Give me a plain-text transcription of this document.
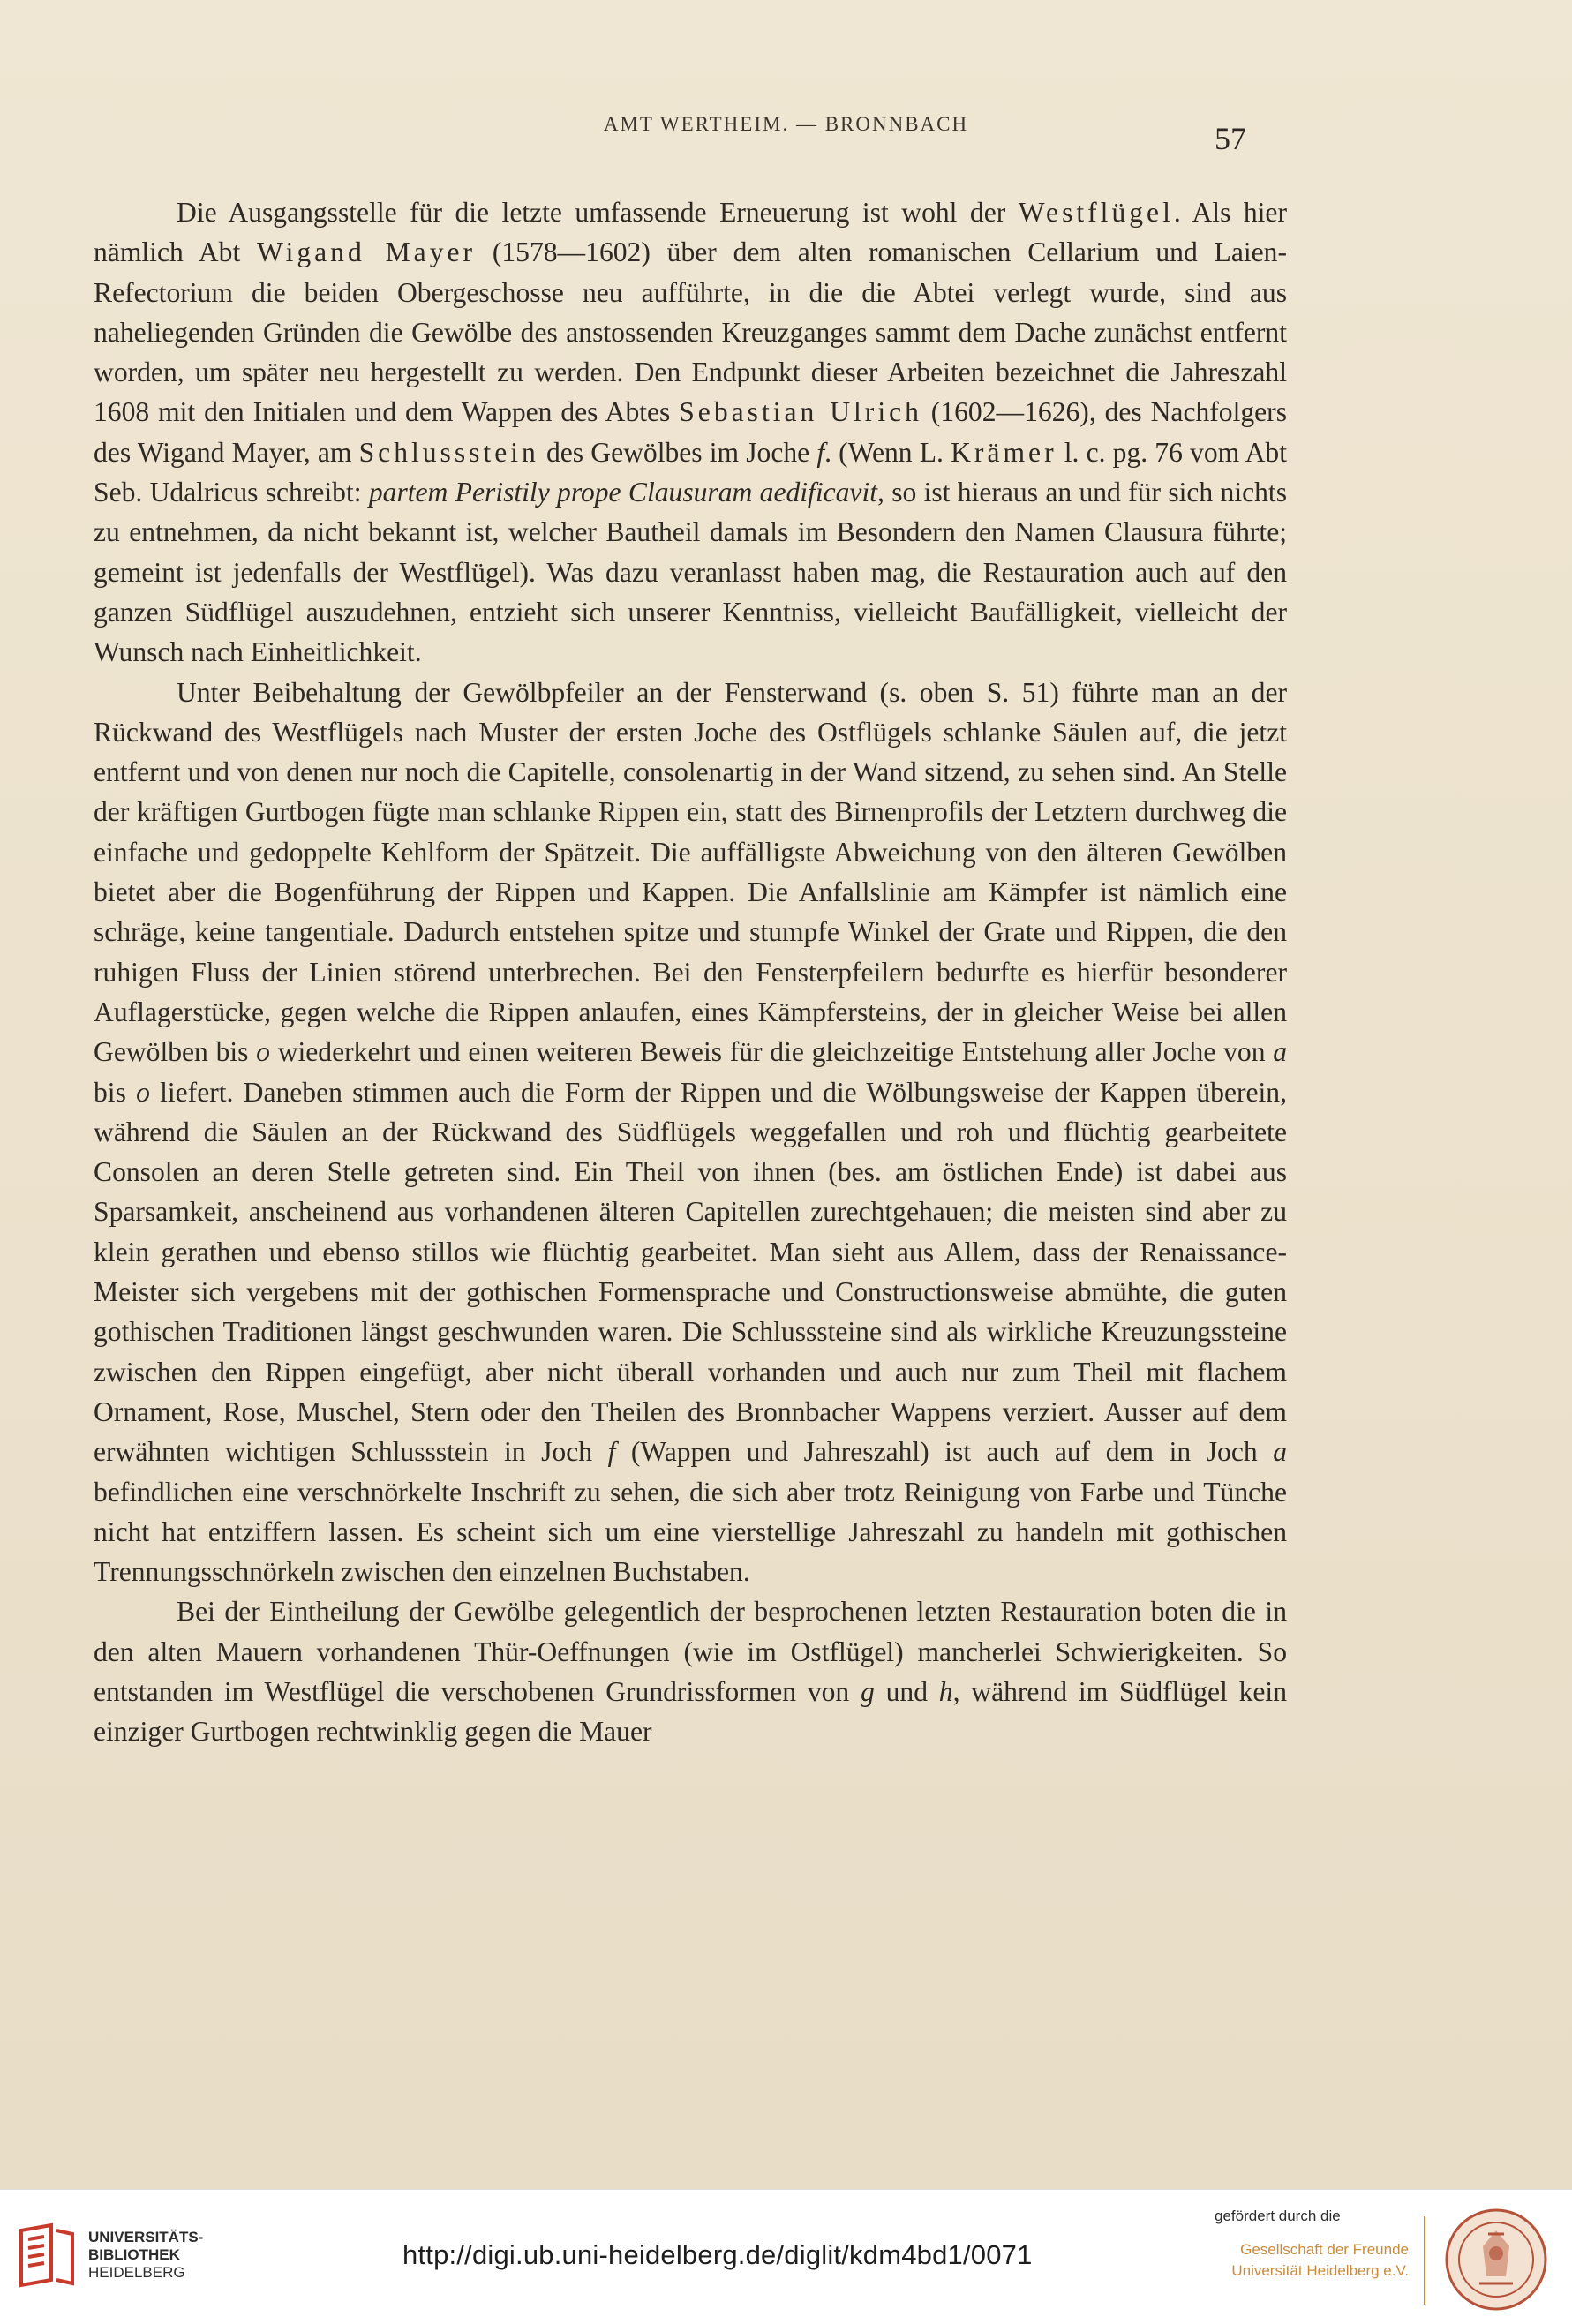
AMT WERTHEIM. — BRONNBACH	57

Die Ausgangsstelle für die letzte umfassende Erneuerung ist wohl der Westflügel. Als hier nämlich Abt Wigand Mayer (1578—1602) über dem alten romanischen Cellarium und Laien-Refectorium die beiden Obergeschosse neu aufführte, in die die Abtei verlegt wurde, sind aus naheliegenden Gründen die Gewölbe des anstossenden Kreuzganges sammt dem Dache zunächst entfernt worden, um später neu hergestellt zu werden. Den Endpunkt dieser Arbeiten bezeichnet die Jahreszahl 1608 mit den Initialen und dem Wappen des Abtes Sebastian Ulrich (1602—1626), des Nachfolgers des Wigand Mayer, am Schlussstein des Gewölbes im Joche f. (Wenn L. Krämer l. c. pg. 76 vom Abt Seb. Udalricus schreibt: partem Peristily prope Clausuram aedificavit, so ist hieraus an und für sich nichts zu entnehmen, da nicht bekannt ist, welcher Bautheil damals im Besondern den Namen Clausura führte; gemeint ist jedenfalls der Westflügel). Was dazu veranlasst haben mag, die Restauration auch auf den ganzen Südflügel auszudehnen, entzieht sich unserer Kenntniss, vielleicht Baufälligkeit, vielleicht der Wunsch nach Einheitlichkeit.

Unter Beibehaltung der Gewölbpfeiler an der Fensterwand (s. oben S. 51) führte man an der Rückwand des Westflügels nach Muster der ersten Joche des Ostflügels schlanke Säulen auf, die jetzt entfernt und von denen nur noch die Capitelle, consolenartig in der Wand sitzend, zu sehen sind. An Stelle der kräftigen Gurtbogen fügte man schlanke Rippen ein, statt des Birnenprofils der Letztern durchweg die einfache und gedoppelte Kehlform der Spätzeit. Die auffälligste Abweichung von den älteren Gewölben bietet aber die Bogenführung der Rippen und Kappen. Die Anfallslinie am Kämpfer ist nämlich eine schräge, keine tangentiale. Dadurch entstehen spitze und stumpfe Winkel der Grate und Rippen, die den ruhigen Fluss der Linien störend unterbrechen. Bei den Fensterpfeilern bedurfte es hierfür besonderer Auflagerstücke, gegen welche die Rippen anlaufen, eines Kämpfersteins, der in gleicher Weise bei allen Gewölben bis o wiederkehrt und einen weiteren Beweis für die gleichzeitige Entstehung aller Joche von a bis o liefert. Daneben stimmen auch die Form der Rippen und die Wölbungsweise der Kappen überein, während die Säulen an der Rückwand des Südflügels weggefallen und roh und flüchtig gearbeitete Consolen an deren Stelle getreten sind. Ein Theil von ihnen (bes. am östlichen Ende) ist dabei aus Sparsamkeit, anscheinend aus vorhandenen älteren Capitellen zurechtgehauen; die meisten sind aber zu klein gerathen und ebenso stillos wie flüchtig gearbeitet. Man sieht aus Allem, dass der Renaissance-Meister sich vergebens mit der gothischen Formensprache und Constructionsweise abmühte, die guten gothischen Traditionen längst geschwunden waren. Die Schlusssteine sind als wirkliche Kreuzungssteine zwischen den Rippen eingefügt, aber nicht überall vorhanden und auch nur zum Theil mit flachem Ornament, Rose, Muschel, Stern oder den Theilen des Bronnbacher Wappens verziert. Ausser auf dem erwähnten wichtigen Schlussstein in Joch f (Wappen und Jahreszahl) ist auch auf dem in Joch a befindlichen eine verschnörkelte Inschrift zu sehen, die sich aber trotz Reinigung von Farbe und Tünche nicht hat entziffern lassen. Es scheint sich um eine vierstellige Jahreszahl zu handeln mit gothischen Trennungsschnörkeln zwischen den einzelnen Buchstaben.

Bei der Eintheilung der Gewölbe gelegentlich der besprochenen letzten Restauration boten die in den alten Mauern vorhandenen Thür-Oeffnungen (wie im Ostflügel) mancherlei Schwierigkeiten. So entstanden im Westflügel die verschobenen Grundrissformen von g und h, während im Südflügel kein einziger Gurtbogen rechtwinklig gegen die Mauer

UNIVERSITÄTS-
BIBLIOTHEK
HEIDELBERG
http://digi.ub.uni-heidelberg.de/diglit/kdm4bd1/0071
gefördert durch die
Gesellschaft der Freunde
Universität Heidelberg e.V.
